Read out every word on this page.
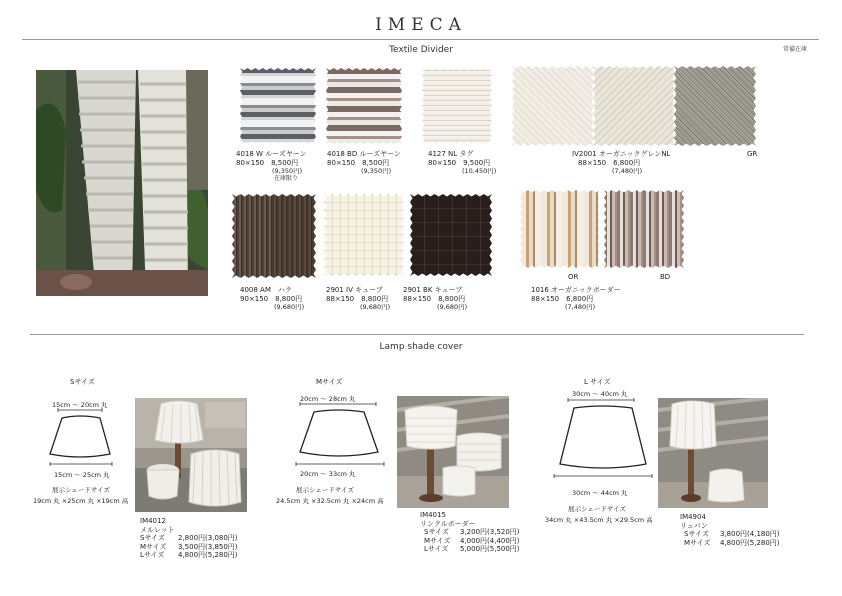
IMECA
常備在庫
Textile Divider
4018 W ルーズヤーン
80×150　8,500円
(9,350円)
在庫限り
4018 BD ルーズヤーン
80×150　8,500円
(9,350円)
4127 NL タグ
80×150　9,500円
(10,450円)
IV2001 オーガニックグレンNL
88×150　6,800円
(7,480円)
GR
4008 AM　ハク
90×150　8,800円
(9,680円)
2901 IV キューブ
88×150　8,800円
(9,680円)
2901 BK キューブ
88×150　8,800円
(9,680円)
OR	BD
1016 オーガニックボーダー
88×150　6,800円
(7,480円)
Lamp shade cover
Sサイズ
15cm 〜 20cm 丸
15cm 〜 25cm 丸
展示シェードサイズ
19cm 丸 ×25cm 丸 ×19cm 高
IM4012
メルレット
Sサイズ 2,800円(3,080円)
Mサイズ 3,500円(3,850円)
Lサイズ 4,800円(5,280円)
Mサイズ
20cm 〜 28cm 丸
20cm 〜 33cm 丸
展示シェードサイズ
24.5cm 丸 ×32.5cm 丸 ×24cm 高
IM4015
リンクルボーダー
Sサイズ 3,200円(3,520円)
Mサイズ 4,000円(4,400円)
Lサイズ 5,000円(5,500円)
L サイズ
30cm 〜 40cm 丸
30cm 〜 44cm 丸
展示シェードサイズ
34cm 丸 ×43.5cm 丸 ×29.5cm 高	IM4904
リュバン
Sサイズ 3,800円(4,180円)
Mサイズ 4,800円(5,280円)
